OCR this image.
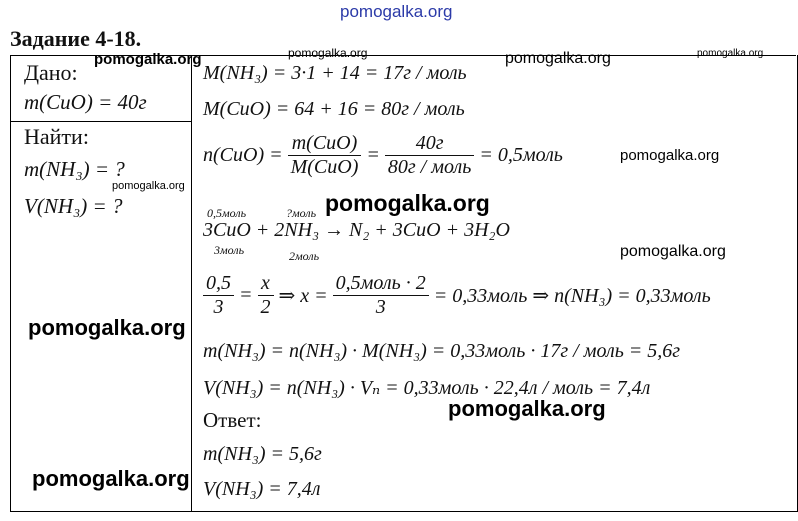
pomogalka.org
Задание 4-18.
Дано:
m(CuO) = 40г
Найти:
m(NH₃) = ?
V(NH₃) = ?
M(NH₃) = 3·1 + 14 = 17г / моль
M(CuO) = 64 + 16 = 80г / моль
$n(CuO) = \frac{\text{m(CuO)}}{\text{M(CuO)}} = \frac{40г}{\text{80г / моль}}$ = 0,5моль
0,5моль	?моль
3CuO + 2NH₃ → N₂ + 3CuO + 3H₂O
3моль	2моль
$\frac{0,5}{3} = \frac{x}{2}$ ⇒ $x = \frac{\text{0,5моль · 2}}{3}$ = 0,33моль ⇒ n(NH₃) = 0,33моль
m(NH₃) = n(NH₃) · M(NH₃) = 0,33моль · 17г / моль = 5,6г
V(NH₃) = n(NH₃) · Vₙ = 0,33моль · 22,4л / моль = 7,4л
Ответ:
m(NH₃) = 5,6г
V(NH₃) = 7,4л
pomogalka.org	pomogalka.org	pomogalka.org	pomogalka.org
pomogalka.org
pomogalka.org
pomogalka.org
pomogalka.org
pomogalka.org
pomogalka.org
pomogalka.org
